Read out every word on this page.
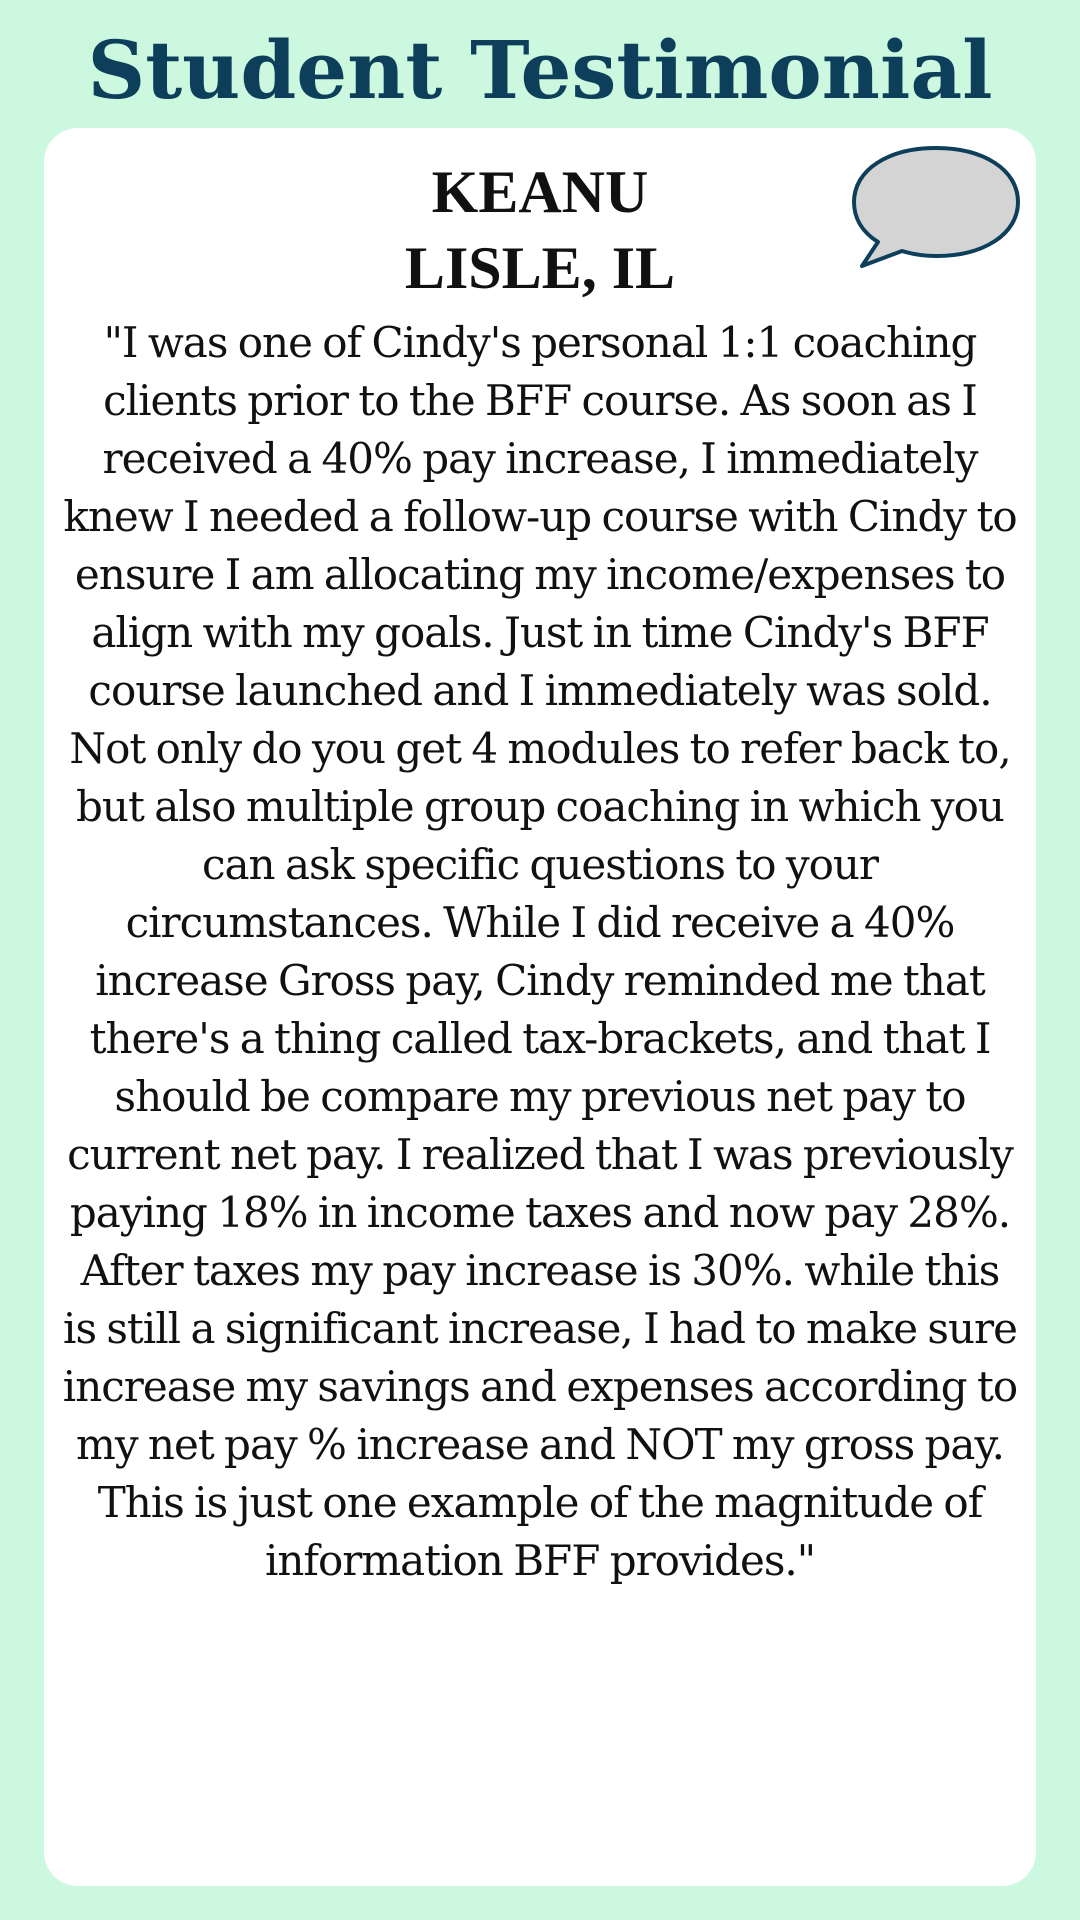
Student Testimonial
KEANU
LISLE, IL

"I was one of Cindy's personal 1:1 coaching clients prior to the BFF course. As soon as I received a 40% pay increase, I immediately knew I needed a follow-up course with Cindy to ensure I am allocating my income/expenses to align with my goals. Just in time Cindy's BFF course launched and I immediately was sold. Not only do you get 4 modules to refer back to, but also multiple group coaching in which you can ask specific questions to your circumstances. While I did receive a 40% increase Gross pay, Cindy reminded me that there's a thing called tax-brackets, and that I should be compare my previous net pay to current net pay. I realized that I was previously paying 18% in income taxes and now pay 28%. After taxes my pay increase is 30%. while this is still a significant increase, I had to make sure increase my savings and expenses according to my net pay % increase and NOT my gross pay. This is just one example of the magnitude of information BFF provides."
